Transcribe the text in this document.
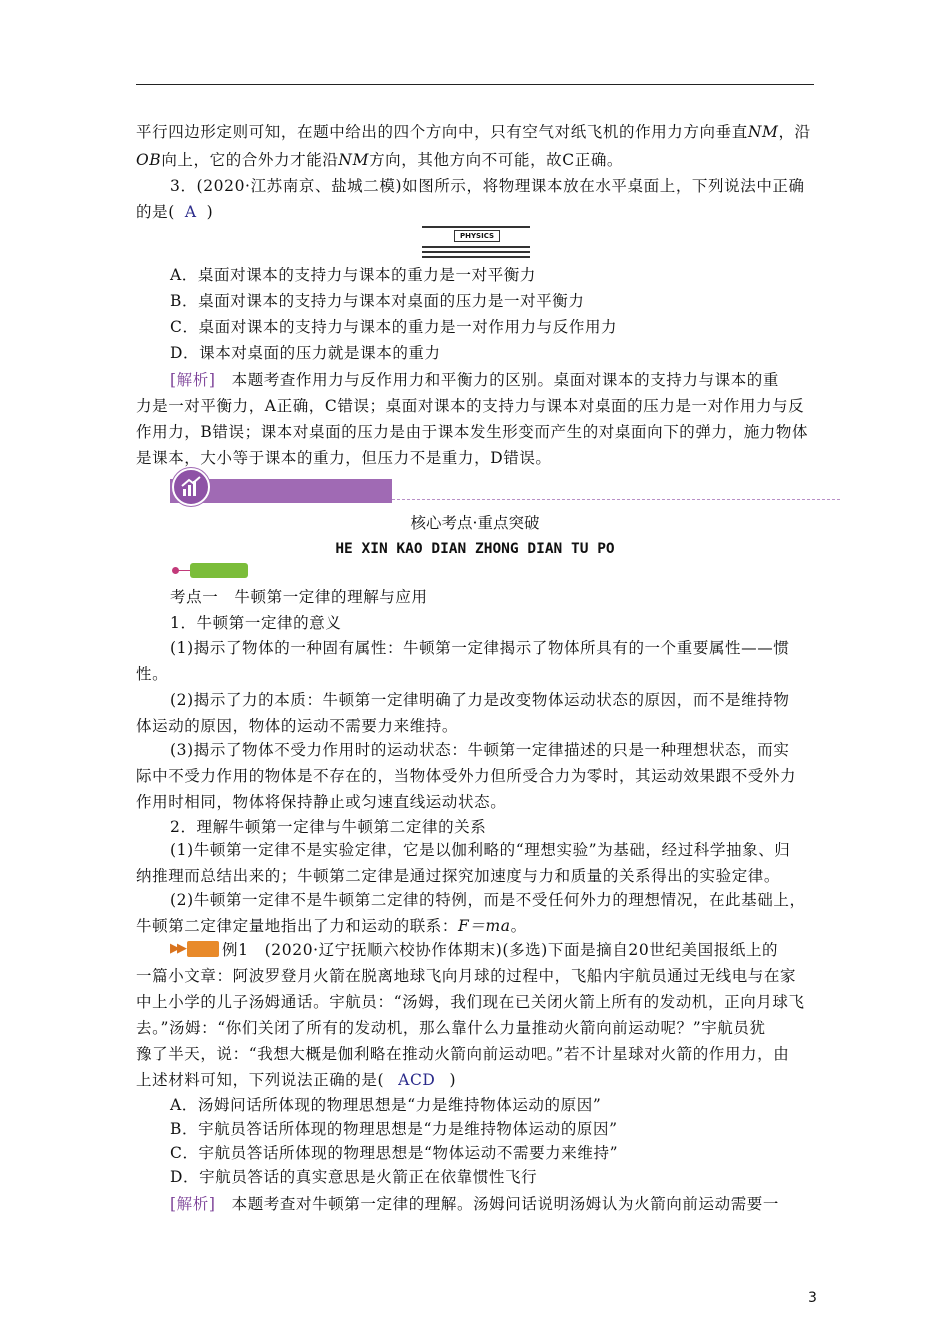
平行四边形定则可知，在题中给出的四个方向中，只有空气对纸飞机的作用力方向垂直NM，沿
OB向上，它的合外力才能沿NM方向，其他方向不可能，故C正确。
3．(2020·江苏南京、盐城二模)如图所示，将物理课本放在水平桌面上，下列说法中正确
的是( A )
PHYSICS
A．桌面对课本的支持力与课本的重力是一对平衡力
B．桌面对课本的支持力与课本对桌面的压力是一对平衡力
C．桌面对课本的支持力与课本的重力是一对作用力与反作用力
D．课本对桌面的压力就是课本的重力
[解析]　 本题考查作用力与反作用力和平衡力的区别。桌面对课本的支持力与课本的重
力是一对平衡力，A正确，C错误；桌面对课本的支持力与课本对桌面的压力是一对作用力与反
作用力，B错误；课本对桌面的压力是由于课本发生形变而产生的对桌面向下的弹力，施力物体
是课本，大小等于课本的重力，但压力不是重力，D错误。
核心考点·重点突破
HE XIN KAO DIAN ZHONG DIAN TU PO
考点一　牛顿第一定律的理解与应用
1．牛顿第一定律的意义
(1)揭示了物体的一种固有属性：牛顿第一定律揭示了物体所具有的一个重要属性——惯
性。
(2)揭示了力的本质：牛顿第一定律明确了力是改变物体运动状态的原因，而不是维持物
体运动的原因，物体的运动不需要力来维持。
(3)揭示了物体不受力作用时的运动状态：牛顿第一定律描述的只是一种理想状态，而实
际中不受力作用的物体是不存在的，当物体受外力但所受合力为零时，其运动效果跟不受外力
作用时相同，物体将保持静止或匀速直线运动状态。
2．理解牛顿第一定律与牛顿第二定律的关系
(1)牛顿第一定律不是实验定律，它是以伽利略的“理想实验”为基础，经过科学抽象、归
纳推理而总结出来的；牛顿第二定律是通过探究加速度与力和质量的关系得出的实验定律。
(2)牛顿第一定律不是牛顿第二定律的特例，而是不受任何外力的理想情况，在此基础上，
牛顿第二定律定量地指出了力和运动的联系：F＝ma。
▶▶ 例1　(2020·辽宁抚顺六校协作体期末)(多选)下面是摘自20世纪美国报纸上的
一篇小文章：阿波罗登月火箭在脱离地球飞向月球的过程中，飞船内宇航员通过无线电与在家
中上小学的儿子汤姆通话。宇航员：“汤姆，我们现在已关闭火箭上所有的发动机，正向月球飞
去。”汤姆：“你们关闭了所有的发动机，那么靠什么力量推动火箭向前运动呢？”宇航员犹
豫了半天，说：“我想大概是伽利略在推动火箭向前运动吧。”若不计星球对火箭的作用力，由
上述材料可知，下列说法正确的是( ACD )
A．汤姆问话所体现的物理思想是“力是维持物体运动的原因”
B．宇航员答话所体现的物理思想是“力是维持物体运动的原因”
C．宇航员答话所体现的物理思想是“物体运动不需要力来维持”
D．宇航员答话的真实意思是火箭正在依靠惯性飞行
[解析]　 本题考查对牛顿第一定律的理解。汤姆问话说明汤姆认为火箭向前运动需要一
3
